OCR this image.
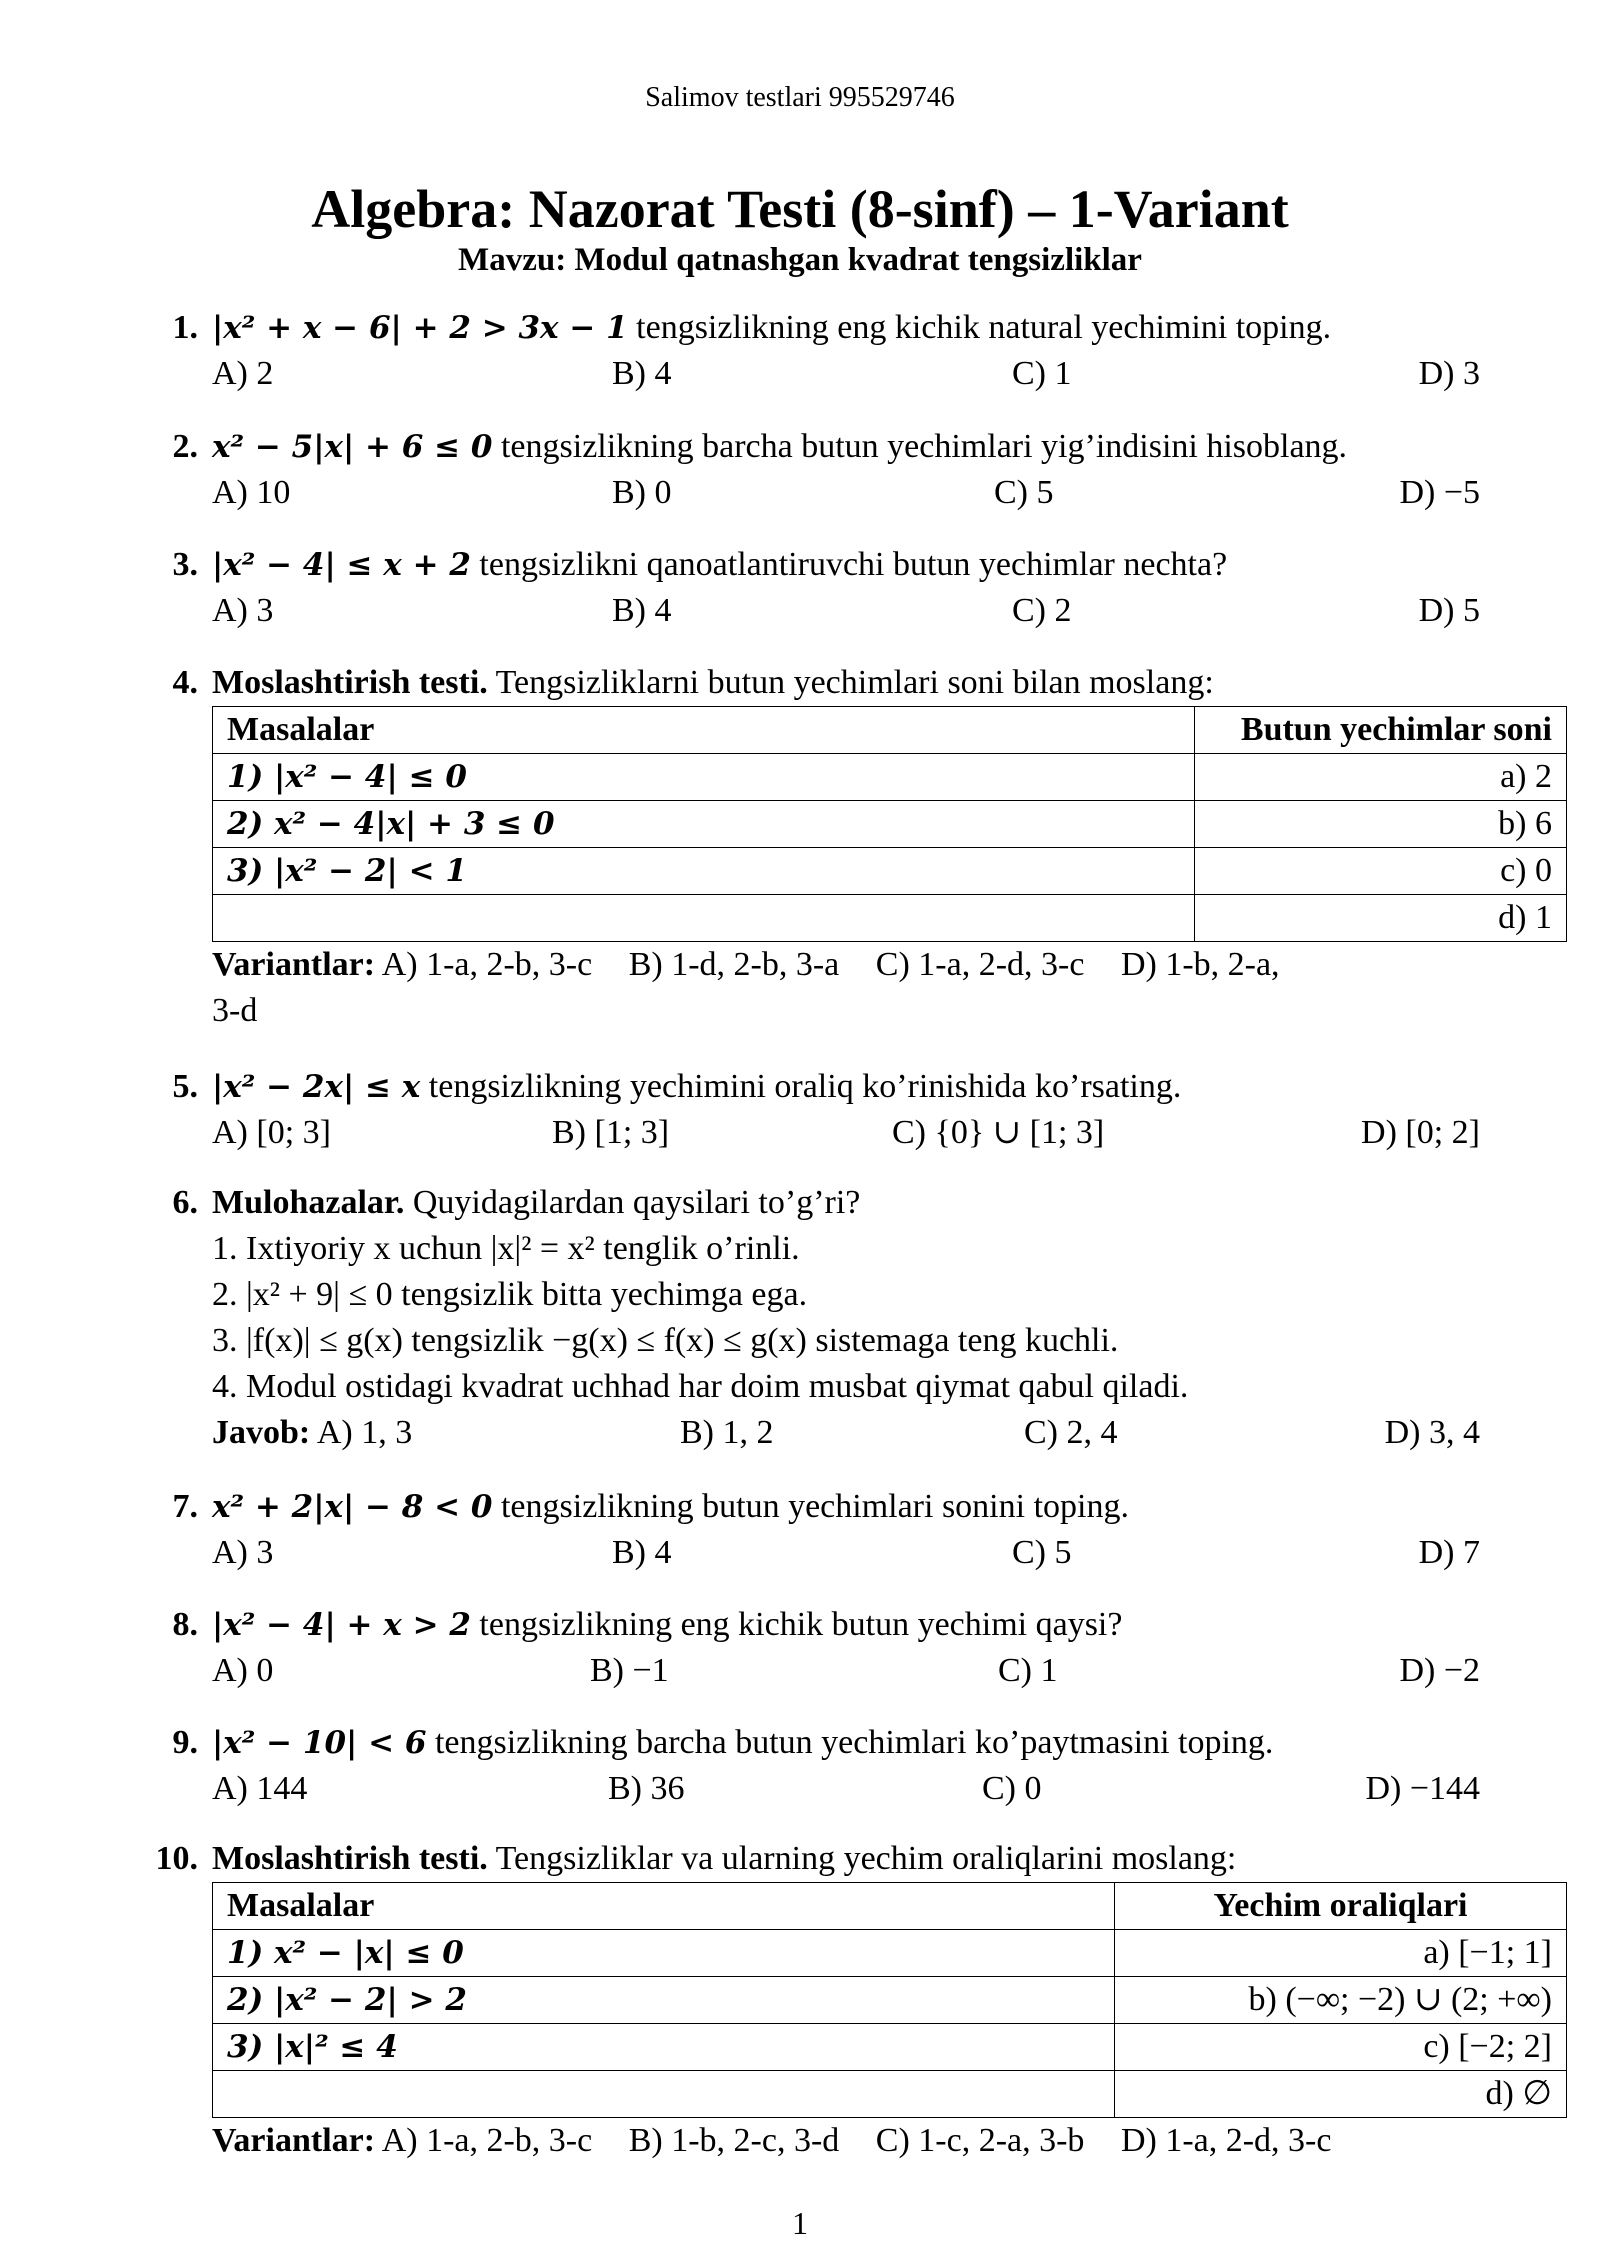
Salimov testlari 995529746
Algebra: Nazorat Testi (8-sinf) – 1-Variant
Mavzu: Modul qatnashgan kvadrat tengsizliklar
1. |x² + x − 6| + 2 > 3x − 1 tengsizlikning eng kichik natural yechimini toping.
A) 2	B) 4	C) 1	D) 3
2. x² − 5|x| + 6 ≤ 0 tengsizlikning barcha butun yechimlari yig’indisini hisoblang.
A) 10	B) 0	C) 5	D) −5
3. |x² − 4| ≤ x + 2 tengsizlikni qanoatlantiruvchi butun yechimlar nechta?
A) 3	B) 4	C) 2	D) 5
4. Moslashtirish testi. Tengsizliklarni butun yechimlari soni bilan moslang:
Masalalar	Butun yechimlar soni
1) |x² − 4| ≤ 0	a) 2
2) x² − 4|x| + 3 ≤ 0	b) 6
3) |x² − 2| < 1	c) 0
	d) 1
Variantlar: A) 1-a, 2-b, 3-c B) 1-d, 2-b, 3-a C) 1-a, 2-d, 3-c D) 1-b, 2-a,
3-d
5. |x² − 2x| ≤ x tengsizlikning yechimini oraliq ko’rinishida ko’rsating.
A) [0; 3]	B) [1; 3]	C) {0} ∪ [1; 3]	D) [0; 2]
6. Mulohazalar. Quyidagilardan qaysilari to’g’ri?
1. Ixtiyoriy x uchun |x|² = x² tenglik o’rinli.
2. |x² + 9| ≤ 0 tengsizlik bitta yechimga ega.
3. |f(x)| ≤ g(x) tengsizlik −g(x) ≤ f(x) ≤ g(x) sistemaga teng kuchli.
4. Modul ostidagi kvadrat uchhad har doim musbat qiymat qabul qiladi.
Javob: A) 1, 3	B) 1, 2	C) 2, 4	D) 3, 4
7. x² + 2|x| − 8 < 0 tengsizlikning butun yechimlari sonini toping.
A) 3	B) 4	C) 5	D) 7
8. |x² − 4| + x > 2 tengsizlikning eng kichik butun yechimi qaysi?
A) 0	B) −1	C) 1	D) −2
9. |x² − 10| < 6 tengsizlikning barcha butun yechimlari ko’paytmasini toping.
A) 144	B) 36	C) 0	D) −144
10. Moslashtirish testi. Tengsizliklar va ularning yechim oraliqlarini moslang:
Masalalar	Yechim oraliqlari
1) x² − |x| ≤ 0	a) [−1; 1]
2) |x² − 2| > 2	b) (−∞; −2) ∪ (2; +∞)
3) |x|² ≤ 4	c) [−2; 2]
	d) ∅
Variantlar: A) 1-a, 2-b, 3-c B) 1-b, 2-c, 3-d C) 1-c, 2-a, 3-b D) 1-a, 2-d, 3-c
1
